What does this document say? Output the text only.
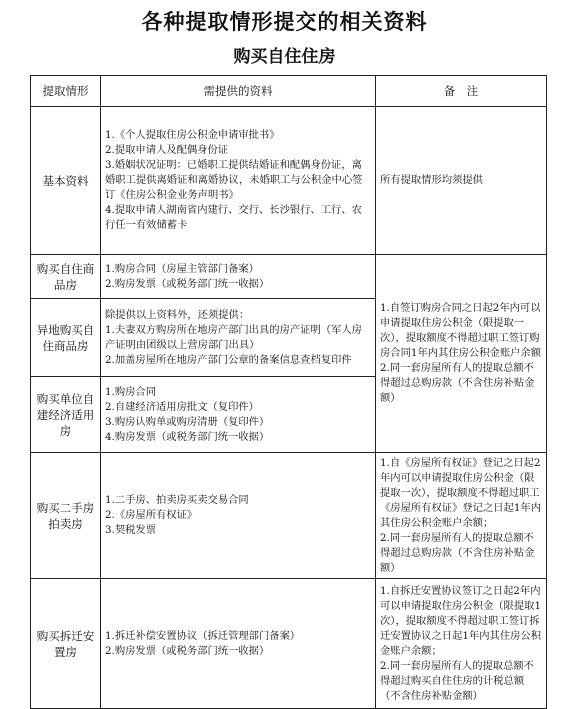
各种提取情形提交的相关资料
购买自住住房
提取情形	需提供的资料	备　注
基本资料	1.《个人提取住房公积金申请审批书》
2.提取申请人及配偶身份证
3.婚姻状况证明：已婚职工提供结婚证和配偶身份证，离婚职工提供离婚证和离婚协议，未婚职工与公积金中心签订《住房公积金业务声明书》
4.提取申请人湖南省内建行、交行、长沙银行、工行、农行任一有效储蓄卡	所有提取情形均须提供
购买自住商品房	1.购房合同（房屋主管部门备案）
2.购房发票（或税务部门统一收据）	1.自签订购房合同之日起2年内可以申请提取住房公积金（限提取一次），提取额度不得超过职工签订购房合同1年内其住房公积金账户余额
2.同一套房屋所有人的提取总额不得超过总购房款（不含住房补贴金额）

异地购买自住商品房	除提供以上资料外，还须提供：
1.夫妻双方购房所在地房产部门出具的房产证明（军人房产证明由团级以上营房部门出具）
2.加盖房屋所在地房产部门公章的备案信息查档复印件	

购买单位自建经济适用房	1.购房合同
2.自建经济适用房批文（复印件）
3.购房认购单或购房清册（复印件）
4.购房发票（或税务部门统一收据）	

购买二手房拍卖房	1.二手房、拍卖房买卖交易合同
2.《房屋所有权证》
3.契税发票	1.自《房屋所有权证》登记之日起2年内可以申请提取住房公积金（限提取一次），提取额度不得超过职工《房屋所有权证》登记之日起1年内其住房公积金账户余额；
2.同一套房屋所有人的提取总额不得超过总购房款（不含住房补贴金额）

购买拆迁安置房	1.拆迁补偿安置协议（拆迁管理部门备案）
2.购房发票（或税务部门统一收据）	1.自拆迁安置协议签订之日起2年内可以申请提取住房公积金（限提取1次），提取额度不得超过职工签订拆迁安置协议之日起1年内其住房公积金账户余额；
2.同一套房屋所有人的提取总额不得超过购买自住住房的计税总额（不含住房补贴金额）
